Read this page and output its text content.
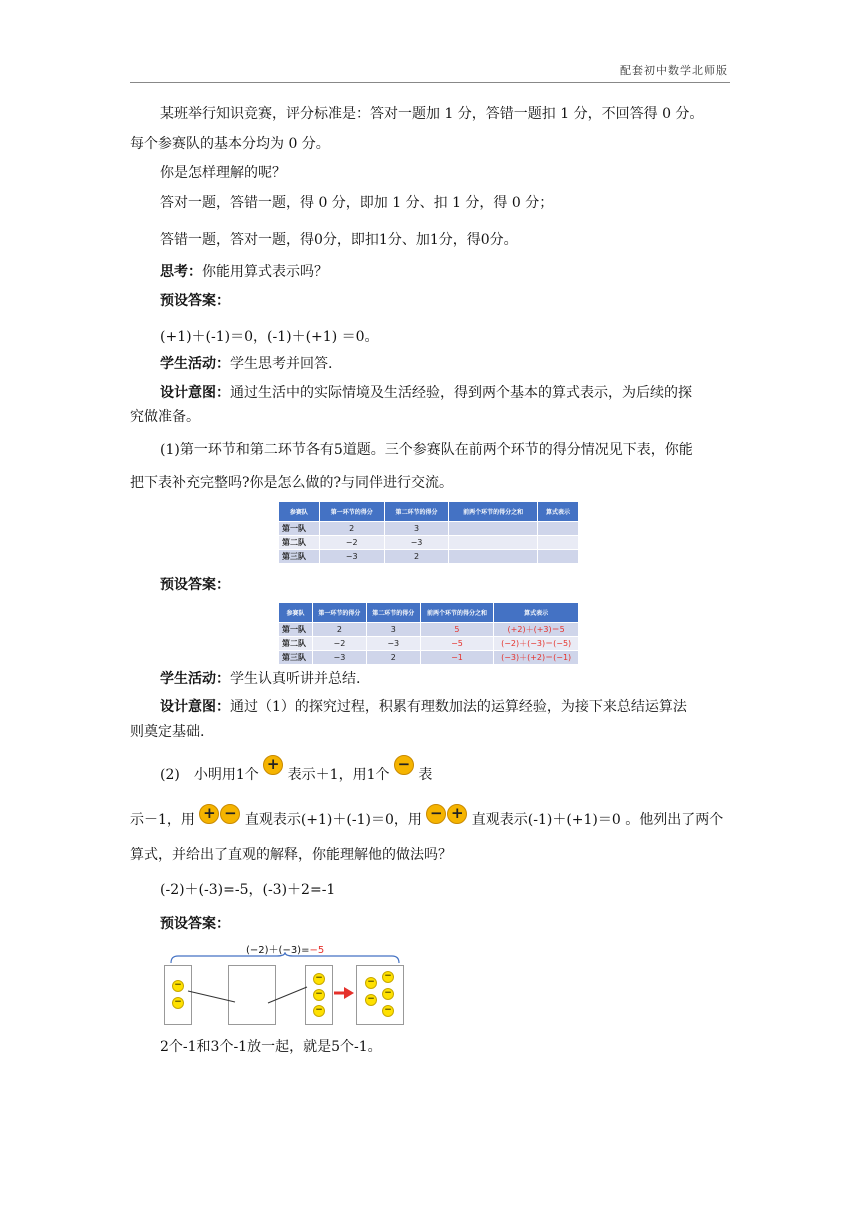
配套初中数学北师版
某班举行知识竞赛，评分标准是：答对一题加 1 分，答错一题扣 1 分，不回答得 0 分。
每个参赛队的基本分均为 0 分。
你是怎样理解的呢？
答对一题，答错一题，得 0 分，即加 1 分、扣 1 分，得 0 分；
答错一题，答对一题，得0分，即扣1分、加1分，得0分。
思考：你能用算式表示吗？
预设答案：
(+1)＋(-1)＝0，(-1)＋(+1) ＝0。
学生活动：学生思考并回答.
设计意图：通过生活中的实际情境及生活经验，得到两个基本的算式表示，为后续的探
究做准备。
(1)第一环节和第二环节各有5道题。三个参赛队在前两个环节的得分情况见下表，你能
把下表补充完整吗?你是怎么做的?与同伴进行交流。
参赛队	第一环节的得分	第二环节的得分	前两个环节的得分之和	算式表示
第一队	2	3		
第二队	−2	−3		
第三队	−3	2		
预设答案：
参赛队	第一环节的得分	第二环节的得分	前两个环节的得分之和	算式表示
第一队	2	3	5	(+2)＋(+3)＝5
第二队	−2	−3	−5	(−2)＋(−3)＝(−5)
第三队	−3	2	−1	(−3)＋(+2)＝(−1)
学生活动：学生认真听讲并总结.
设计意图：通过（1）的探究过程，积累有理数加法的运算经验，为接下来总结运算法
则奠定基础.
(2)　小明用1个 + 表示＋1，用1个 − 表
示－1，用 + − 直观表示(+1)＋(-1)＝0，用 − + 直观表示(-1)＋(+1)＝0 。他列出了两个
算式，并给出了直观的解释，你能理解他的做法吗？
(-2)＋(-3)=-5，(-3)＋2=-1
预设答案：
(−2)＋(−3)=−5
−
−
−
−
−
−
−
−
−
−
2个-1和3个-1放一起，就是5个-1。
